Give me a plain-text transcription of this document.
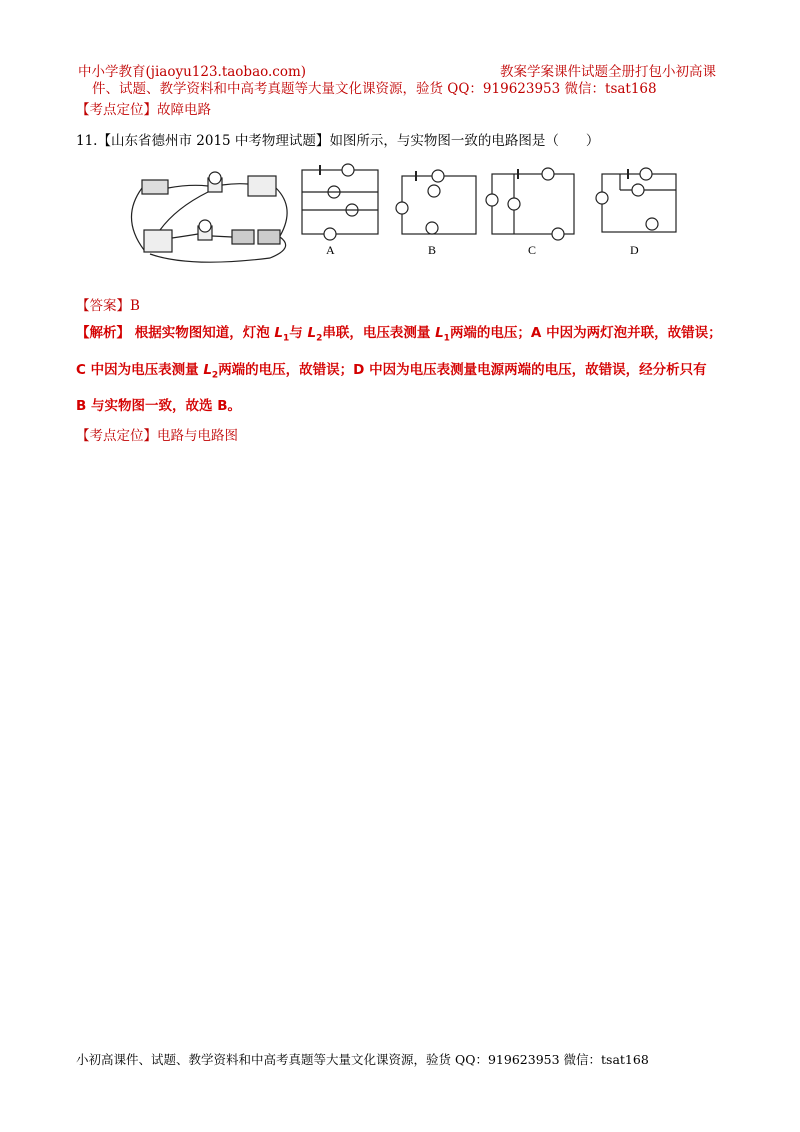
中小学教育(jiaoyu123.taobao.com)	教案学案课件试题全册打包小初高课
件、试题、教学资料和中高考真题等大量文化课资源，验货 QQ：919623953 微信：tsat168
【考点定位】故障电路
11.【山东省德州市 2015 中考物理试题】如图所示，与实物图一致的电路图是（　　）
A	B	C	D
【答案】B
【解析】 根据实物图知道，灯泡 $L_1$与 $L_2$串联，电压表测量 $L_1$两端的电压；A 中因为两灯泡并联，故错误；
C 中因为电压表测量 $L_2$两端的电压，故错误；D 中因为电压表测量电源两端的电压，故错误，经分析只有
B 与实物图一致，故选 B。
【考点定位】电路与电路图
小初高课件、试题、教学资料和中高考真题等大量文化课资源，验货 QQ：919623953 微信：tsat168
